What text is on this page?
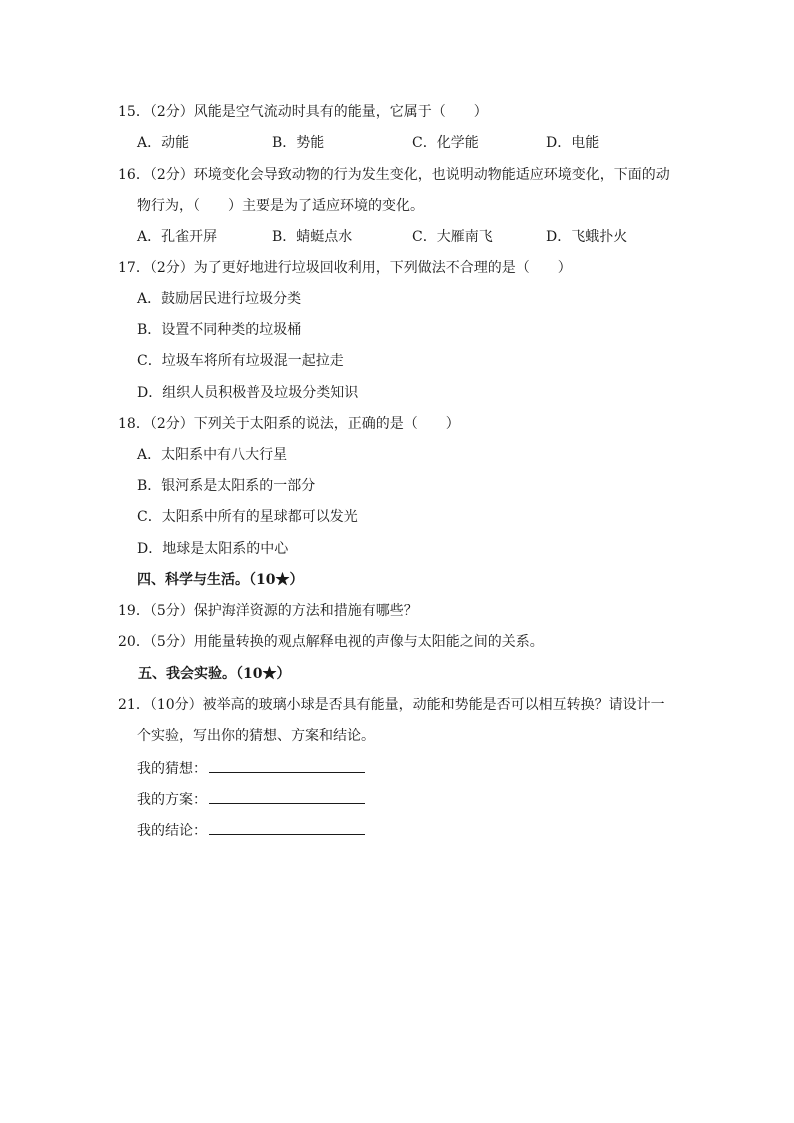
15．（2分）风能是空气流动时具有的能量，它属于（　　）
A．动能	B．势能	C．化学能	D．电能
16．（2分）环境变化会导致动物的行为发生变化，也说明动物能适应环境变化，下面的动
物行为，（　　）主要是为了适应环境的变化。
A．孔雀开屏	B．蜻蜓点水	C．大雁南飞	D．飞蛾扑火
17．（2分）为了更好地进行垃圾回收利用，下列做法不合理的是（　　）
A．鼓励居民进行垃圾分类
B．设置不同种类的垃圾桶
C．垃圾车将所有垃圾混一起拉走
D．组织人员积极普及垃圾分类知识
18．（2分）下列关于太阳系的说法，正确的是（　　）
A．太阳系中有八大行星
B．银河系是太阳系的一部分
C．太阳系中所有的星球都可以发光
D．地球是太阳系的中心
四、科学与生活。（10★）
19．（5分）保护海洋资源的方法和措施有哪些？
20．（5分）用能量转换的观点解释电视的声像与太阳能之间的关系。
五、我会实验。（10★）
21．（10分）被举高的玻璃小球是否具有能量，动能和势能是否可以相互转换？请设计一
个实验，写出你的猜想、方案和结论。
我的猜想：
我的方案：
我的结论：
